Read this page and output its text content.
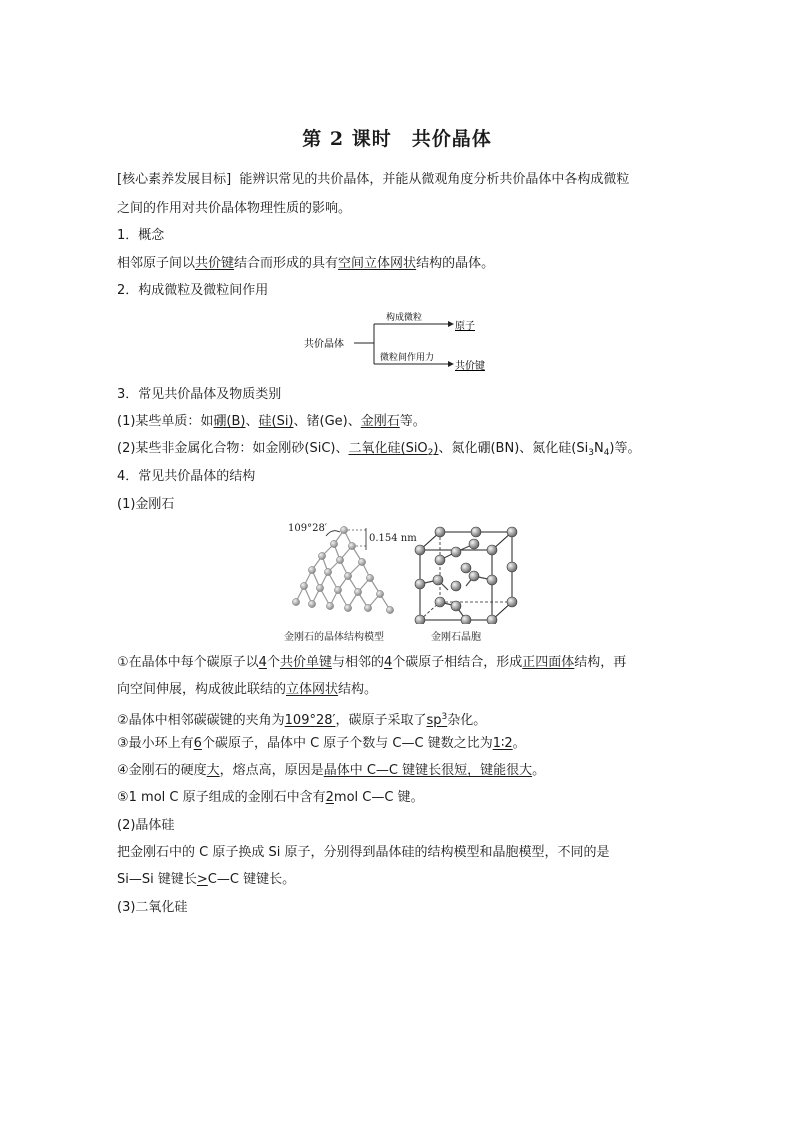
第 2 课时　共价晶体
[核心素养发展目标] 能辨识常见的共价晶体，并能从微观角度分析共价晶体中各构成微粒
之间的作用对共价晶体物理性质的影响。
1．概念
相邻原子间以共价键结合而形成的具有空间立体网状结构的晶体。
2．构成微粒及微粒间作用
共价晶体
构成微粒
微粒间作用力
原子
共价键
3．常见共价晶体及物质类别
(1)某些单质：如硼(B)、硅(Si)、锗(Ge)、金刚石等。
(2)某些非金属化合物：如金刚砂(SiC)、二氧化硅(SiO$_2$)、氮化硼(BN)、氮化硅$(Si_3N_4)$等。
4．常见共价晶体的结构
(1)金刚石
109°28′
0.154 nm
金刚石的晶体结构模型	金刚石晶胞
①在晶体中每个碳原子以4个共价单键与相邻的4个碳原子相结合，形成正四面体结构，再
向空间伸展，构成彼此联结的立体网状结构。
②晶体中相邻碳碳键的夹角为109°28′，碳原子采取了$sp^3$杂化。
③最小环上有6个碳原子，晶体中 C 原子个数与 C—C 键数之比为1∶2。
④金刚石的硬度大，熔点高，原因是晶体中 C—C 键键长很短，键能很大。
⑤1 mol C 原子组成的金刚石中含有2mol C—C 键。
(2)晶体硅
把金刚石中的 C 原子换成 Si 原子，分别得到晶体硅的结构模型和晶胞模型，不同的是
Si—Si 键键长>C—C 键键长。
(3)二氧化硅
